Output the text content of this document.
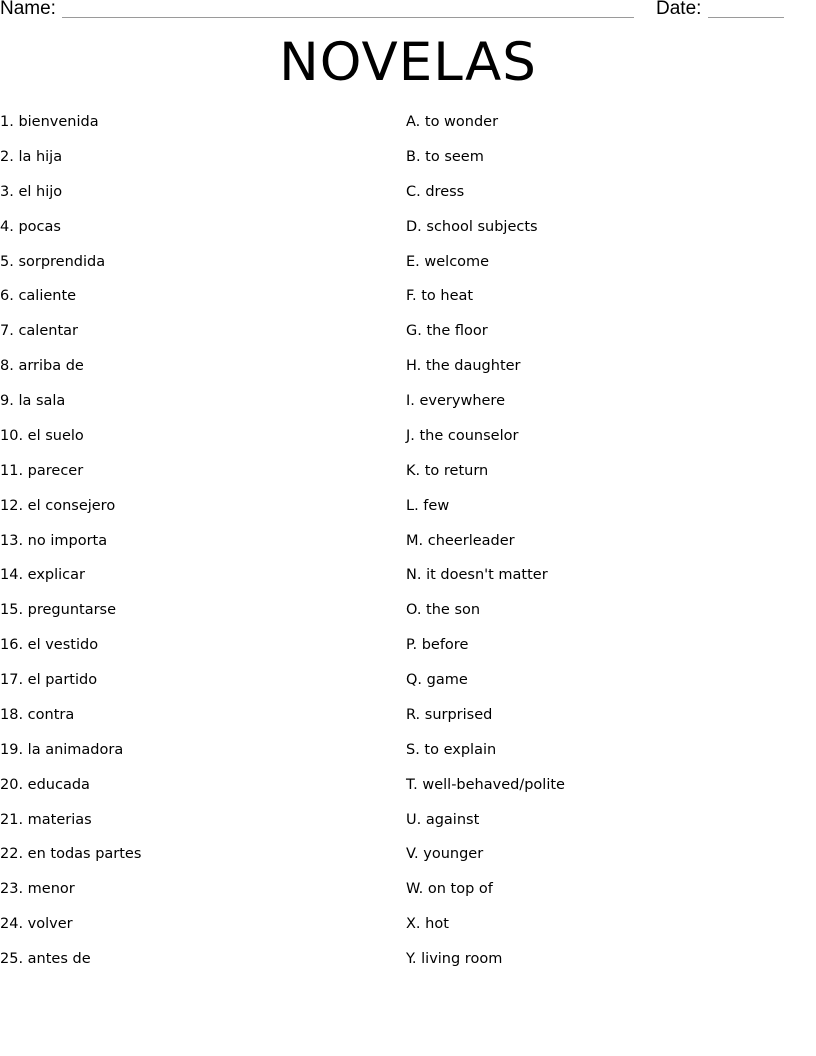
Name:	Date:
NOVELAS
1. bienvenida
2. la hija
3. el hijo
4. pocas
5. sorprendida
6. caliente
7. calentar
8. arriba de
9. la sala
10. el suelo
11. parecer
12. el consejero
13. no importa
14. explicar
15. preguntarse
16. el vestido
17. el partido
18. contra
19. la animadora
20. educada
21. materias
22. en todas partes
23. menor
24. volver
25. antes de
A. to wonder
B. to seem
C. dress
D. school subjects
E. welcome
F. to heat
G. the floor
H. the daughter
I. everywhere
J. the counselor
K. to return
L. few
M. cheerleader
N. it doesn't matter
O. the son
P. before
Q. game
R. surprised
S. to explain
T. well-behaved/polite
U. against
V. younger
W. on top of
X. hot
Y. living room
